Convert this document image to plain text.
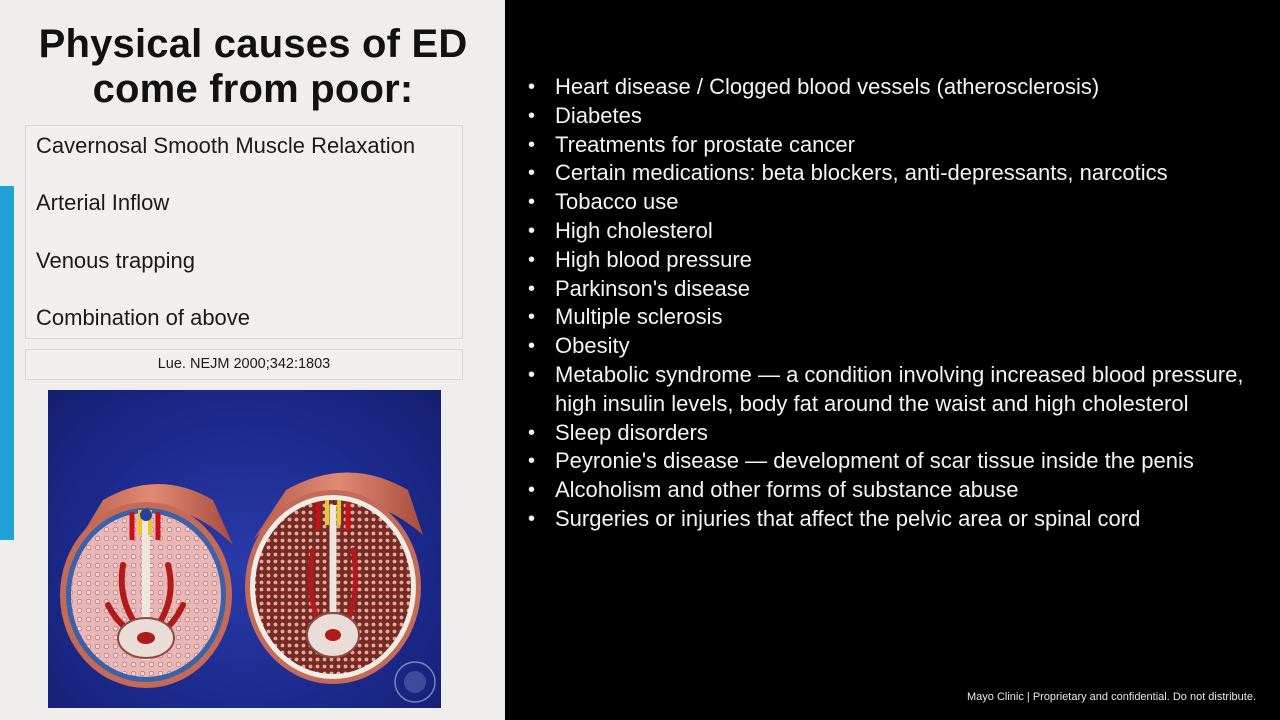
Physical causes of ED
come from poor:
Cavernosal Smooth Muscle Relaxation
Arterial Inflow
Venous trapping
Combination of above
Lue. NEJM 2000;342:1803
• Heart disease / Clogged blood vessels (atherosclerosis)
• Diabetes
• Treatments for prostate cancer
• Certain medications: beta blockers, anti-depressants, narcotics
• Tobacco use
• High cholesterol
• High blood pressure
• Parkinson's disease
• Multiple sclerosis
• Obesity
• Metabolic syndrome — a condition involving increased blood pressure, high insulin levels, body fat around the waist and high cholesterol
• Sleep disorders
• Peyronie's disease — development of scar tissue inside the penis
• Alcoholism and other forms of substance abuse
• Surgeries or injuries that affect the pelvic area or spinal cord
Mayo Clinic | Proprietary and confidential. Do not distribute.
